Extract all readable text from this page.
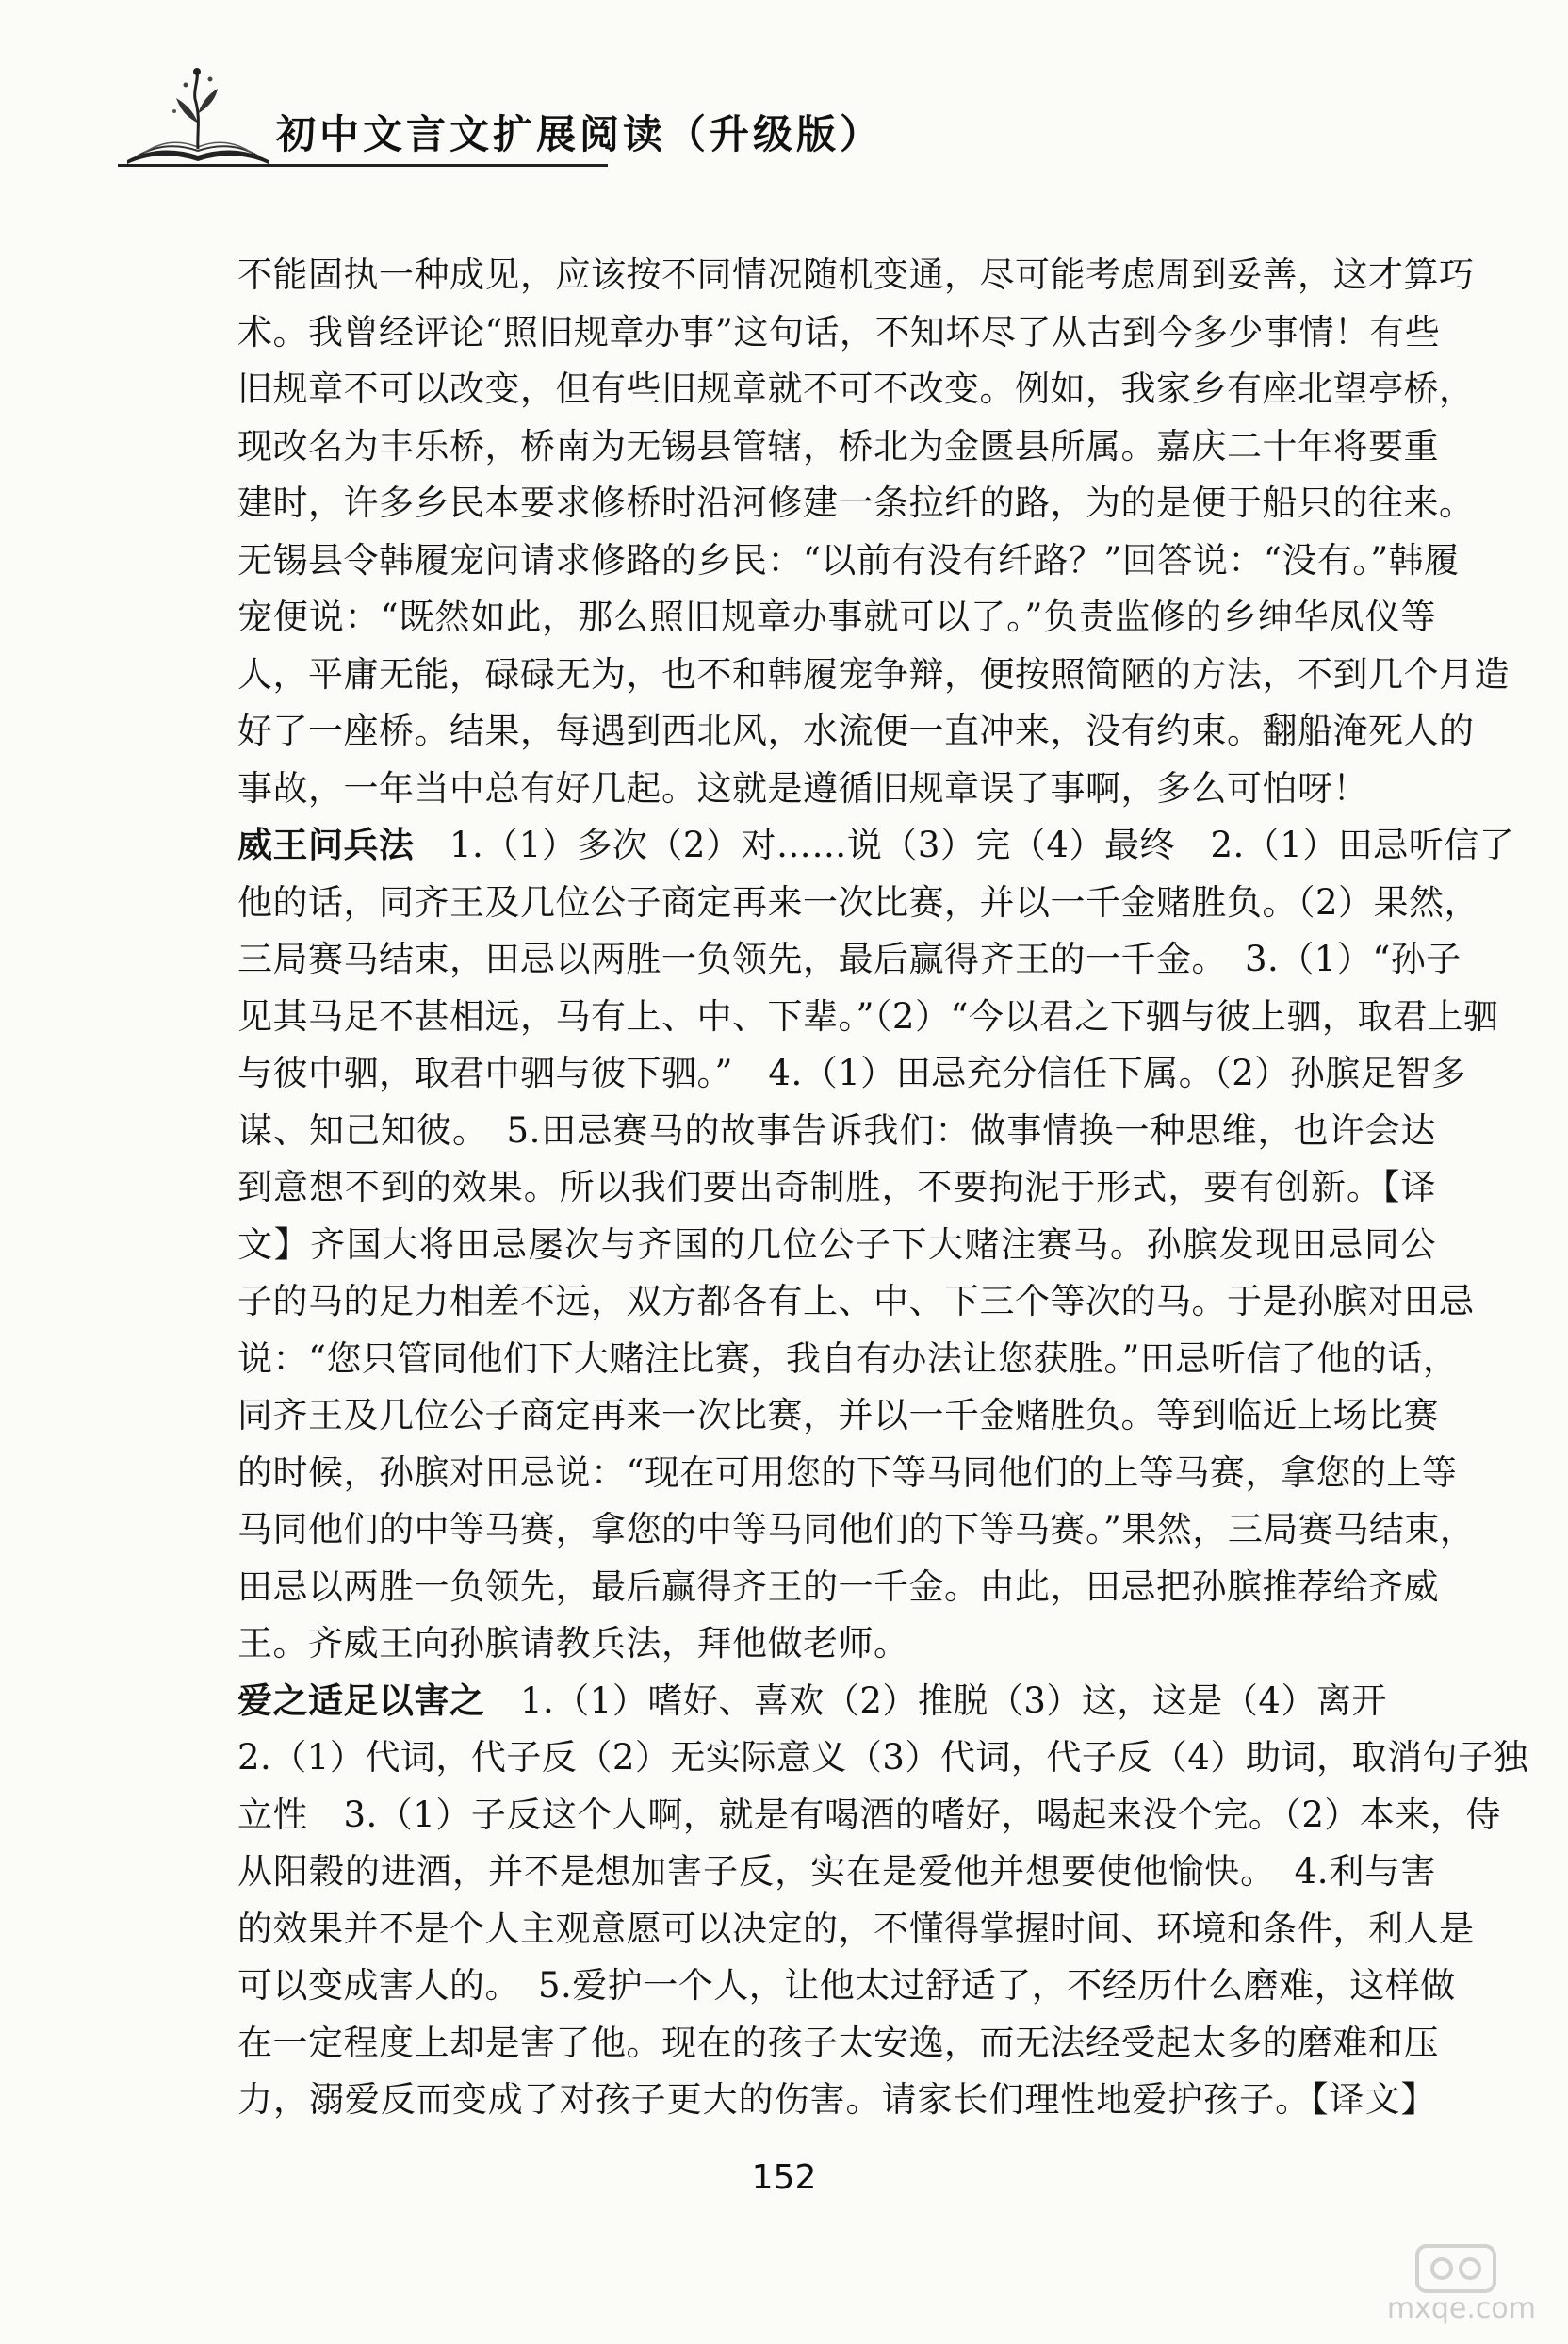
初中文言文扩展阅读（升级版）
不能固执一种成见，应该按不同情况随机变通，尽可能考虑周到妥善，这才算巧
术。我曾经评论“照旧规章办事”这句话，不知坏尽了从古到今多少事情！有些
旧规章不可以改变，但有些旧规章就不可不改变。例如，我家乡有座北望亭桥，
现改名为丰乐桥，桥南为无锡县管辖，桥北为金匮县所属。嘉庆二十年将要重
建时，许多乡民本要求修桥时沿河修建一条拉纤的路，为的是便于船只的往来。
无锡县令韩履宠问请求修路的乡民：“以前有没有纤路？”回答说：“没有。”韩履
宠便说：“既然如此，那么照旧规章办事就可以了。”负责监修的乡绅华凤仪等
人，平庸无能，碌碌无为，也不和韩履宠争辩，便按照简陋的方法，不到几个月造
好了一座桥。结果，每遇到西北风，水流便一直冲来，没有约束。翻船淹死人的
事故，一年当中总有好几起。这就是遵循旧规章误了事啊，多么可怕呀！
威王问兵法　1.（1）多次（2）对……说（3）完（4）最终　2.（1）田忌听信了
他的话，同齐王及几位公子商定再来一次比赛，并以一千金赌胜负。（2）果然，
三局赛马结束，田忌以两胜一负领先，最后赢得齐王的一千金。　3.（1）“孙子
见其马足不甚相远，马有上、中、下辈。”（2）“今以君之下驷与彼上驷，取君上驷
与彼中驷，取君中驷与彼下驷。”　4.（1）田忌充分信任下属。（2）孙膑足智多
谋、知己知彼。　5.田忌赛马的故事告诉我们：做事情换一种思维，也许会达
到意想不到的效果。所以我们要出奇制胜，不要拘泥于形式，要有创新。【译
文】齐国大将田忌屡次与齐国的几位公子下大赌注赛马。孙膑发现田忌同公
子的马的足力相差不远，双方都各有上、中、下三个等次的马。于是孙膑对田忌
说：“您只管同他们下大赌注比赛，我自有办法让您获胜。”田忌听信了他的话，
同齐王及几位公子商定再来一次比赛，并以一千金赌胜负。等到临近上场比赛
的时候，孙膑对田忌说：“现在可用您的下等马同他们的上等马赛，拿您的上等
马同他们的中等马赛，拿您的中等马同他们的下等马赛。”果然，三局赛马结束，
田忌以两胜一负领先，最后赢得齐王的一千金。由此，田忌把孙膑推荐给齐威
王。齐威王向孙膑请教兵法，拜他做老师。
爱之适足以害之　1.（1）嗜好、喜欢（2）推脱（3）这，这是（4）离开
2.（1）代词，代子反（2）无实际意义（3）代词，代子反（4）助词，取消句子独
立性　3.（1）子反这个人啊，就是有喝酒的嗜好，喝起来没个完。（2）本来，侍
从阳榖的进酒，并不是想加害子反，实在是爱他并想要使他愉快。　4.利与害
的效果并不是个人主观意愿可以决定的，不懂得掌握时间、环境和条件，利人是
可以变成害人的。　5.爱护一个人，让他太过舒适了，不经历什么磨难，这样做
在一定程度上却是害了他。现在的孩子太安逸，而无法经受起太多的磨难和压
力，溺爱反而变成了对孩子更大的伤害。请家长们理性地爱护孩子。【译文】
152
mxqe.com
